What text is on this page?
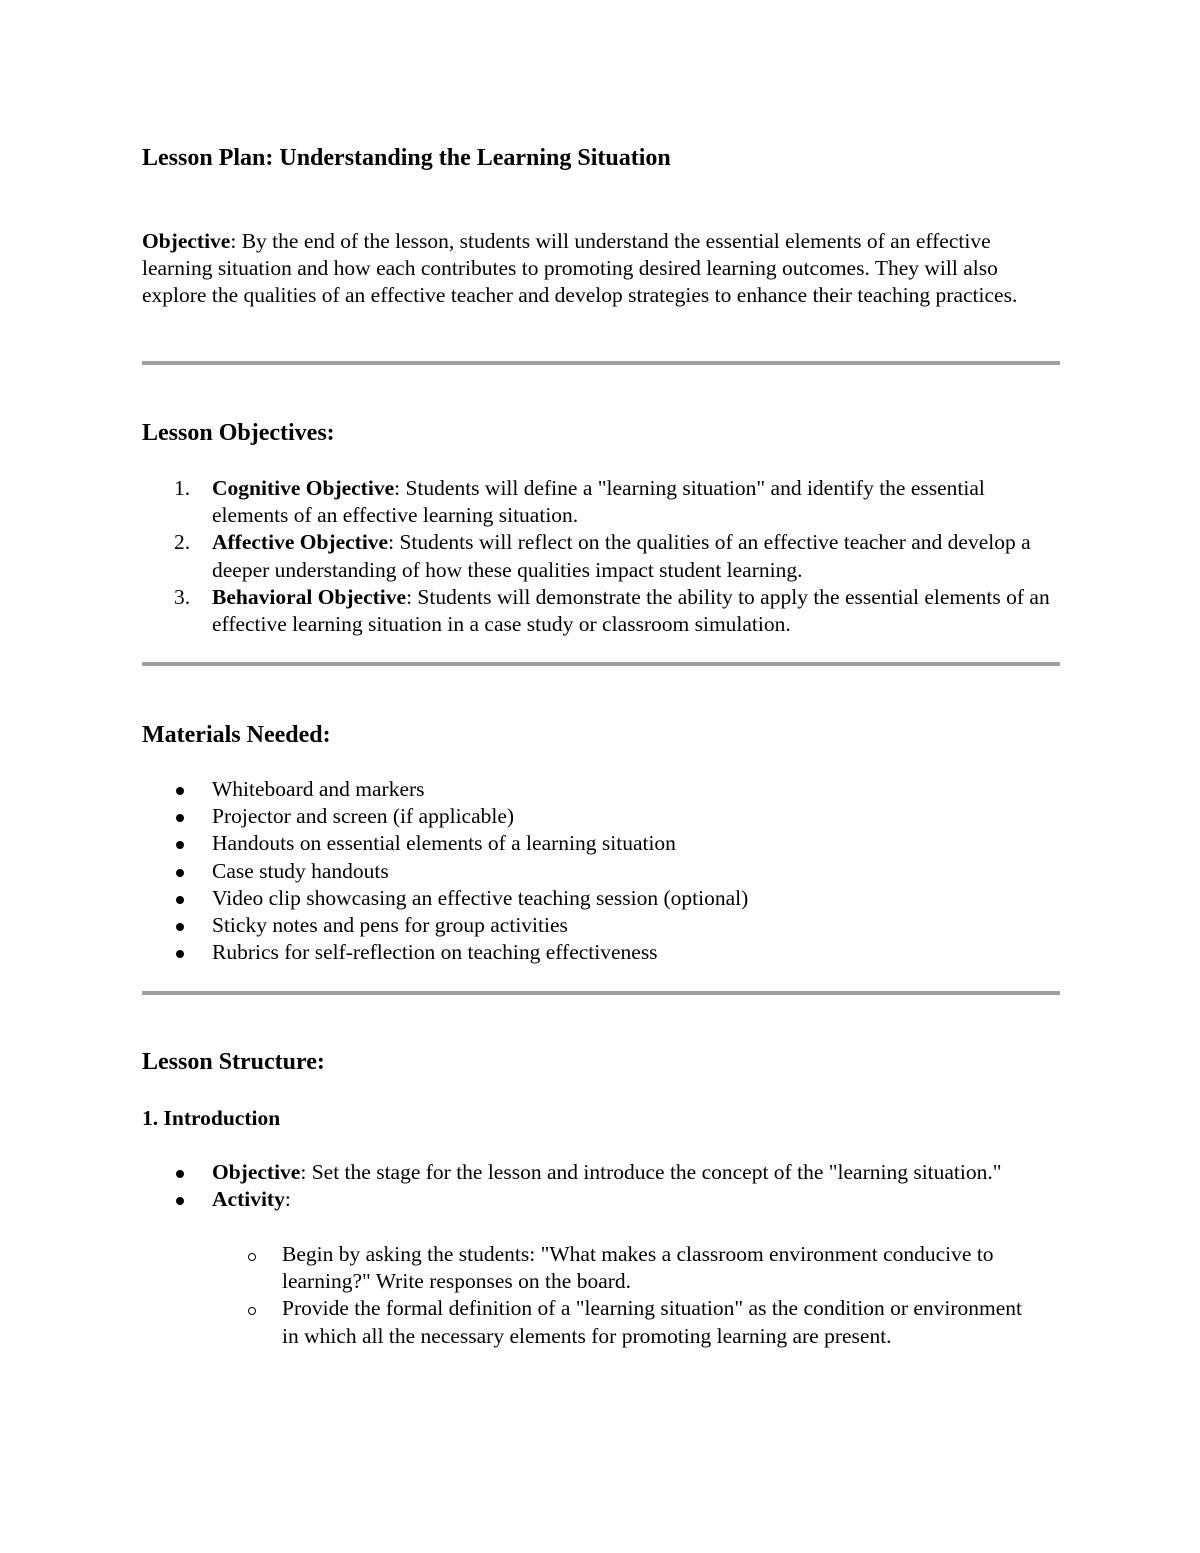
Lesson Plan: Understanding the Learning Situation

Objective: By the end of the lesson, students will understand the essential elements of an effective learning situation and how each contributes to promoting desired learning outcomes. They will also explore the qualities of an effective teacher and develop strategies to enhance their teaching practices.

Lesson Objectives:
1.	Cognitive Objective: Students will define a "learning situation" and identify the essential elements of an effective learning situation.
2.	Affective Objective: Students will reflect on the qualities of an effective teacher and develop a deeper understanding of how these qualities impact student learning.
3.	Behavioral Objective: Students will demonstrate the ability to apply the essential elements of an effective learning situation in a case study or classroom simulation.
Materials Needed:
Whiteboard and markers
Projector and screen (if applicable)
Handouts on essential elements of a learning situation
Case study handouts
Video clip showcasing an effective teaching session (optional)
Sticky notes and pens for group activities
Rubrics for self-reflection on teaching effectiveness
Lesson Structure:
1. Introduction
Objective: Set the stage for the lesson and introduce the concept of the "learning situation."
Activity:
Begin by asking the students: "What makes a classroom environment conducive to learning?" Write responses on the board.
Provide the formal definition of a "learning situation" as the condition or environment in which all the necessary elements for promoting learning are present.
